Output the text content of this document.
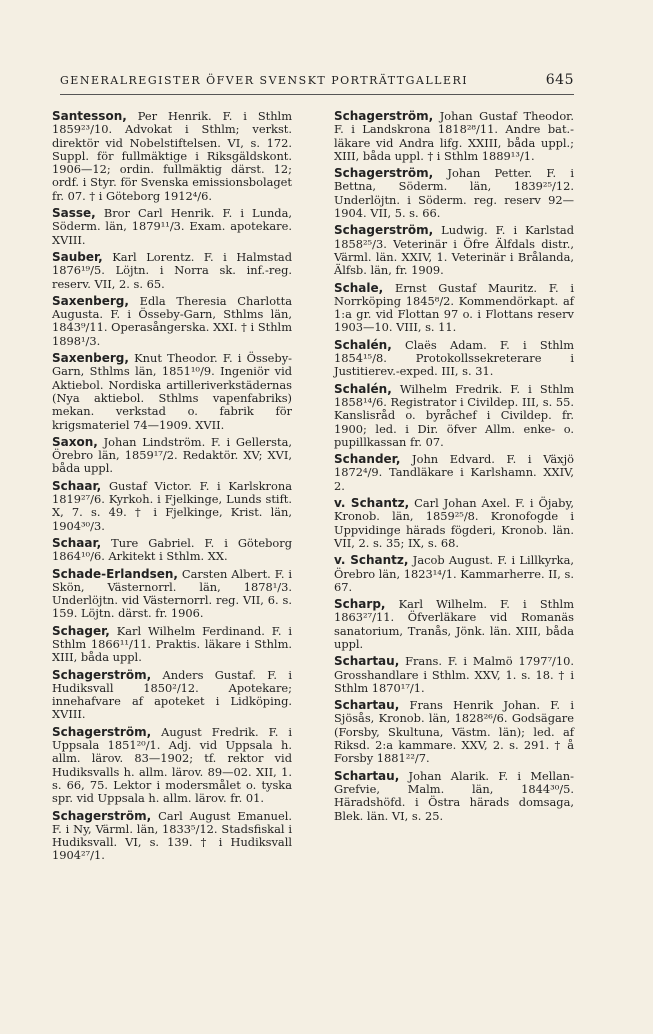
GENERALREGISTER ÖFVER SVENSKT PORTRÄTTGALLERI	645
Santesson, Per Henrik. F. i Sthlm 1859²³/10. Advokat i Sthlm; verkst. direktör vid Nobelstiftelsen. VI, s. 172. Suppl. för fullmäktige i Riksgäldskont. 1906—12; ordin. fullmäktig därst. 12; ordf. i Styr. för Svenska emissionsbolaget fr. 07. † i Göteborg 1912⁴/6.
Sasse, Bror Carl Henrik. F. i Lunda, Söderm. län, 1879¹¹/3. Exam. apotekare. XVIII.
Sauber, Karl Lorentz. F. i Halmstad 1876¹⁹/5. Löjtn. i Norra sk. inf.-reg. reserv. VII, 2. s. 65.
Saxenberg, Edla Theresia Charlotta Augusta. F. i Össeby-Garn, Sthlms län, 1843⁹/11. Operasångerska. XXI. † i Sthlm 1898¹/3.
Saxenberg, Knut Theodor. F. i Össeby-Garn, Sthlms län, 1851¹⁰/9. Ingeniör vid Aktiebol. Nordiska artilleriverkstädernas (Nya aktiebol. Sthlms vapenfabriks) mekan. verkstad o. fabrik för krigsmateriel 74—1909. XVII.
Saxon, Johan Lindström. F. i Gellersta, Örebro län, 1859¹⁷/2. Redaktör. XV; XVI, båda uppl.
Schaar, Gustaf Victor. F. i Karlskrona 1819²⁷/6. Kyrkoh. i Fjelkinge, Lunds stift. X, 7. s. 49. † i Fjelkinge, Krist. län, 1904³⁰/3.
Schaar, Ture Gabriel. F. i Göteborg 1864¹⁰/6. Arkitekt i Sthlm. XX.
Schade-Erlandsen, Carsten Albert. F. i Skön, Västernorrl. län, 1878¹/3. Underlöjtn. vid Västernorrl. reg. VII, 6. s. 159. Löjtn. därst. fr. 1906.
Schager, Karl Wilhelm Ferdinand. F. i Sthlm 1866¹¹/11. Praktis. läkare i Sthlm. XIII, båda uppl.
Schagerström, Anders Gustaf. F. i Hudiksvall 1850²/12. Apotekare; innehafvare af apoteket i Lidköping. XVIII.
Schagerström, August Fredrik. F. i Uppsala 1851²⁰/1. Adj. vid Uppsala h. allm. lärov. 83—1902; tf. rektor vid Hudiksvalls h. allm. lärov. 89—02. XII, 1. s. 66, 75. Lektor i modersmålet o. tyska spr. vid Uppsala h. allm. lärov. fr. 01.
Schagerström, Carl August Emanuel. F. i Ny, Värml. län, 1833⁵/12. Stadsfiskal i Hudiksvall. VI, s. 139. † i Hudiksvall 1904²⁷/1.
Schagerström, Johan Gustaf Theodor. F. i Landskrona 1818²⁸/11. Andre bat.-läkare vid Andra lifg. XXIII, båda uppl.; XIII, båda uppl. † i Sthlm 1889¹³/1.
Schagerström, Johan Petter. F. i Bettna, Söderm. län, 1839²⁵/12. Underlöjtn. i Söderm. reg. reserv 92—1904. VII, 5. s. 66.
Schagerström, Ludwig. F. i Karlstad 1858²⁵/3. Veterinär i Öfre Älfdals distr., Värml. län. XXIV, 1. Veterinär i Brålanda, Älfsb. län, fr. 1909.
Schale, Ernst Gustaf Mauritz. F. i Norrköping 1845⁸/2. Kommendörkapt. af 1:a gr. vid Flottan 97 o. i Flottans reserv 1903—10. VIII, s. 11.
Schalén, Claës Adam. F. i Sthlm 1854¹⁵/8. Protokollssekreterare i Justitierev.-exped. III, s. 31.
Schalén, Wilhelm Fredrik. F. i Sthlm 1858¹⁴/6. Registrator i Civildep. III, s. 55. Kanslisråd o. byråchef i Civildep. fr. 1900; led. i Dir. öfver Allm. enke- o. pupillkassan fr. 07.
Schander, John Edvard. F. i Växjö 1872⁴/9. Tandläkare i Karlshamn. XXIV, 2.
v. Schantz, Carl Johan Axel. F. i Öjaby, Kronob. län, 1859²⁵/8. Kronofogde i Uppvidinge härads fögderi, Kronob. län. VII, 2. s. 35; IX, s. 68.
v. Schantz, Jacob August. F. i Lillkyrka, Örebro län, 1823¹⁴/1. Kammarherre. II, s. 67.
Scharp, Karl Wilhelm. F. i Sthlm 1863²⁷/11. Öfverläkare vid Romanäs sanatorium, Tranås, Jönk. län. XIII, båda uppl.
Schartau, Frans. F. i Malmö 1797⁷/10. Grosshandlare i Sthlm. XXV, 1. s. 18. † i Sthlm 1870¹⁷/1.
Schartau, Frans Henrik Johan. F. i Sjösås, Kronob. län, 1828²⁶/6. Godsägare (Forsby, Skultuna, Västm. län); led. af Riksd. 2:a kammare. XXV, 2. s. 291. † å Forsby 1881²²/7.
Schartau, Johan Alarik. F. i Mellan-Grefvie, Malm. län, 1844³⁰/5. Häradshöfd. i Östra härads domsaga, Blek. län. VI, s. 25.
